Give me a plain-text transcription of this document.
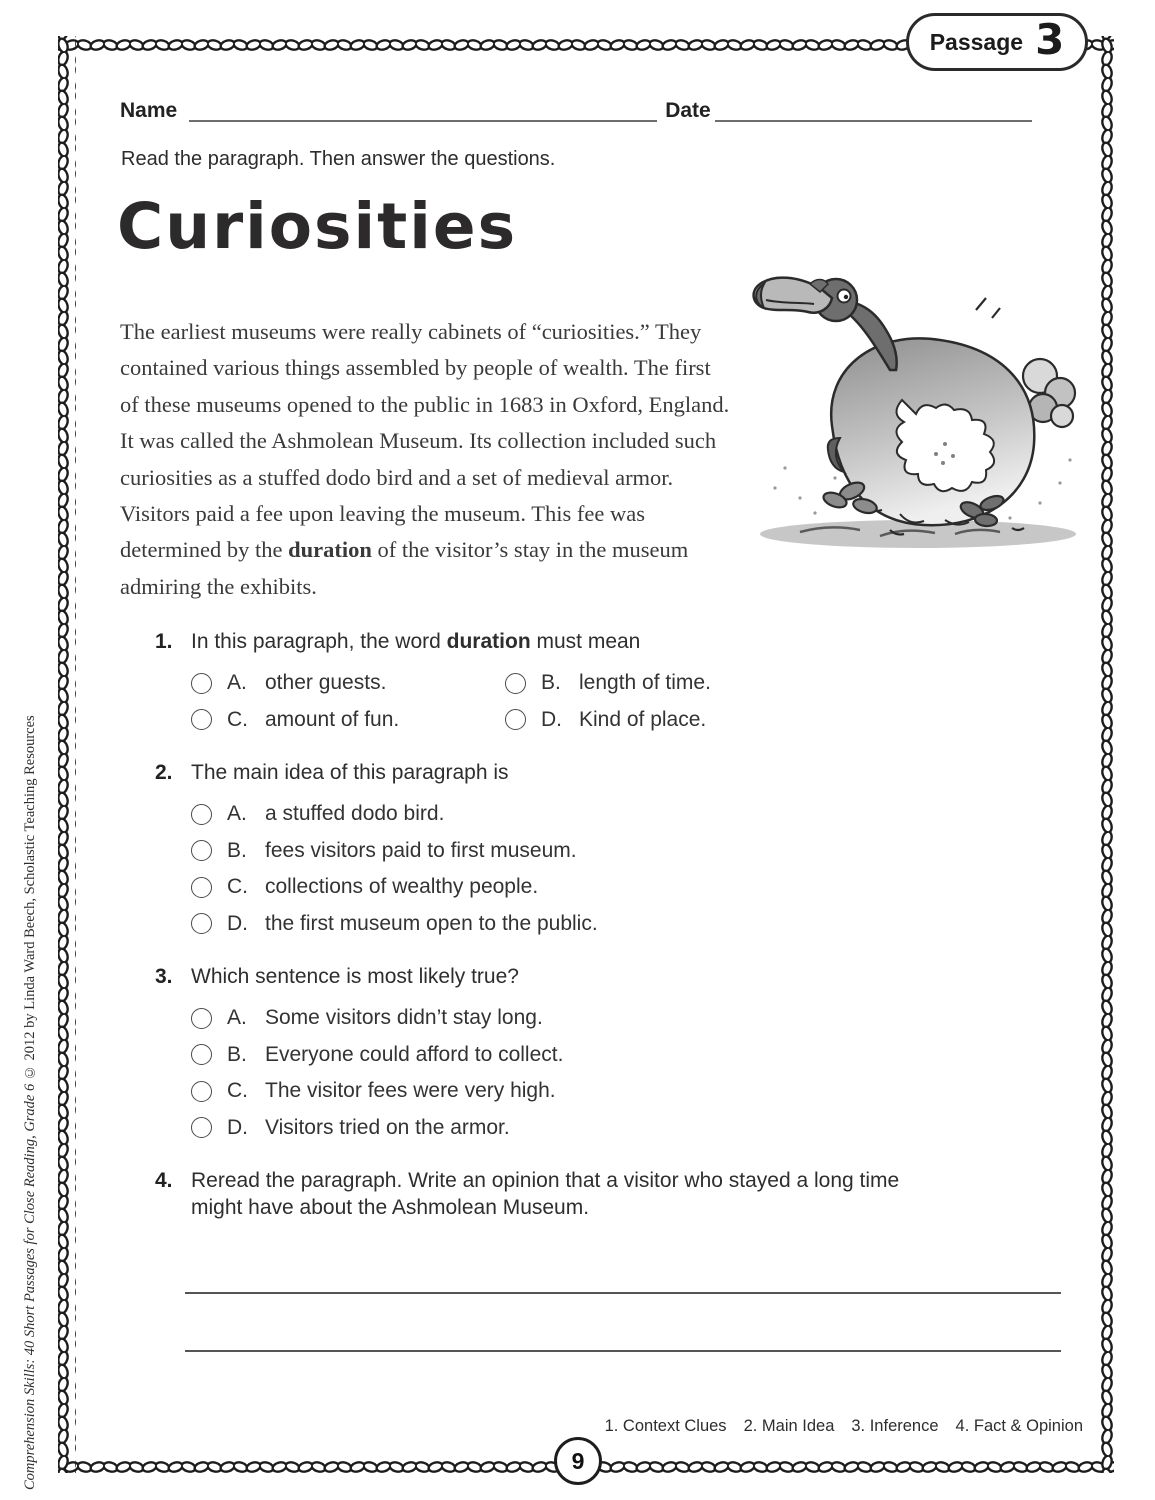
Passage 3
Comprehension Skills: 40 Short Passages for Close Reading, Grade 6 © 2012 by Linda Ward Beech, Scholastic Teaching Resources
Name	Date
Read the paragraph. Then answer the questions.
Curiosities
The earliest museums were really cabinets of “curiosities.” They contained various things assembled by people of wealth. The first of these museums opened to the public in 1683 in Oxford, England. It was called the Ashmolean Museum. Its collection included such curiosities as a stuffed dodo bird and a set of medieval armor. Visitors paid a fee upon leaving the museum. This fee was determined by the duration of the visitor’s stay in the museum admiring the exhibits.
1. In this paragraph, the word duration must mean
A. other guests.	B. length of time.
C. amount of fun.	D. Kind of place.
2. The main idea of this paragraph is
A. a stuffed dodo bird.
B. fees visitors paid to first museum.
C. collections of wealthy people.
D. the first museum open to the public.
3. Which sentence is most likely true?
A. Some visitors didn’t stay long.
B. Everyone could afford to collect.
C. The visitor fees were very high.
D. Visitors tried on the armor.
4. Reread the paragraph. Write an opinion that a visitor who stayed a long time
might have about the Ashmolean Museum.
1. Context Clues 2. Main Idea 3. Inference 4. Fact & Opinion
9
